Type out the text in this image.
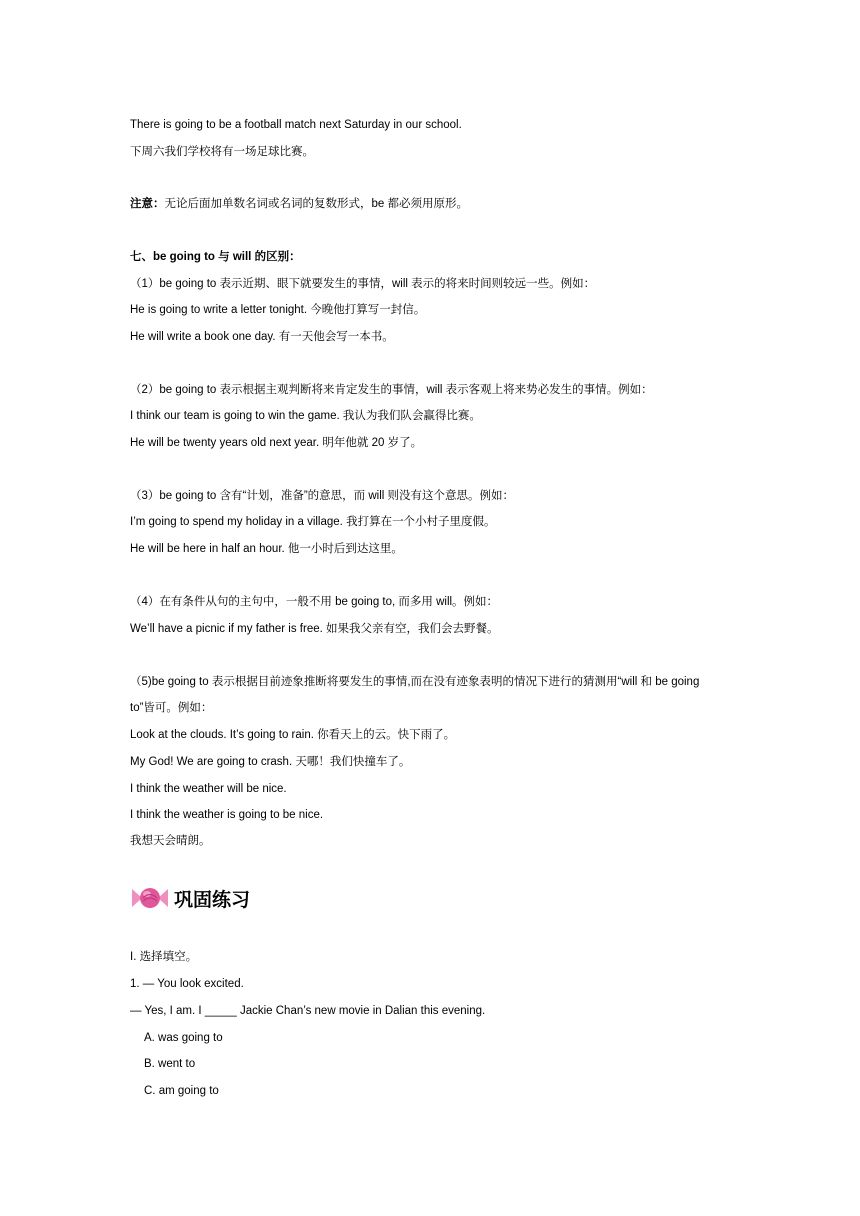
There is going to be a football match next Saturday in our school.
下周六我们学校将有一场足球比赛。
注意：无论后面加单数名词或名词的复数形式，be 都必须用原形。
七、be going to 与 will 的区别：
（1）be going to 表示近期、眼下就要发生的事情，will 表示的将来时间则较远一些。例如：
He is going to write a letter tonight. 今晚他打算写一封信。
He will write a book one day. 有一天他会写一本书。
（2）be going to 表示根据主观判断将来肯定发生的事情，will 表示客观上将来势必发生的事情。例如：
I think our team is going to win the game. 我认为我们队会赢得比赛。
He will be twenty years old next year. 明年他就 20 岁了。
（3）be going to 含有“计划，准备”的意思，而 will 则没有这个意思。例如：
I’m going to spend my holiday in a village. 我打算在一个小村子里度假。
He will be here in half an hour. 他一小时后到达这里。
（4）在有条件从句的主句中，一般不用 be going to, 而多用 will。例如：
We’ll have a picnic if my father is free. 如果我父亲有空，我们会去野餐。
（5)be going to 表示根据目前迹象推断将要发生的事情,而在没有迹象表明的情况下进行的猜测用“will 和 be going
to”皆可。例如：
Look at the clouds. It’s going to rain. 你看天上的云。快下雨了。
My God! We are going to crash. 天哪！我们快撞车了。
I think the weather will be nice.
I think the weather is going to be nice.
我想天会晴朗。
巩固练习
I. 选择填空。
1. — You look excited.
— Yes, I am. I _____ Jackie Chan’s new movie in Dalian this evening.
A. was going to
B. went to
C. am going to
